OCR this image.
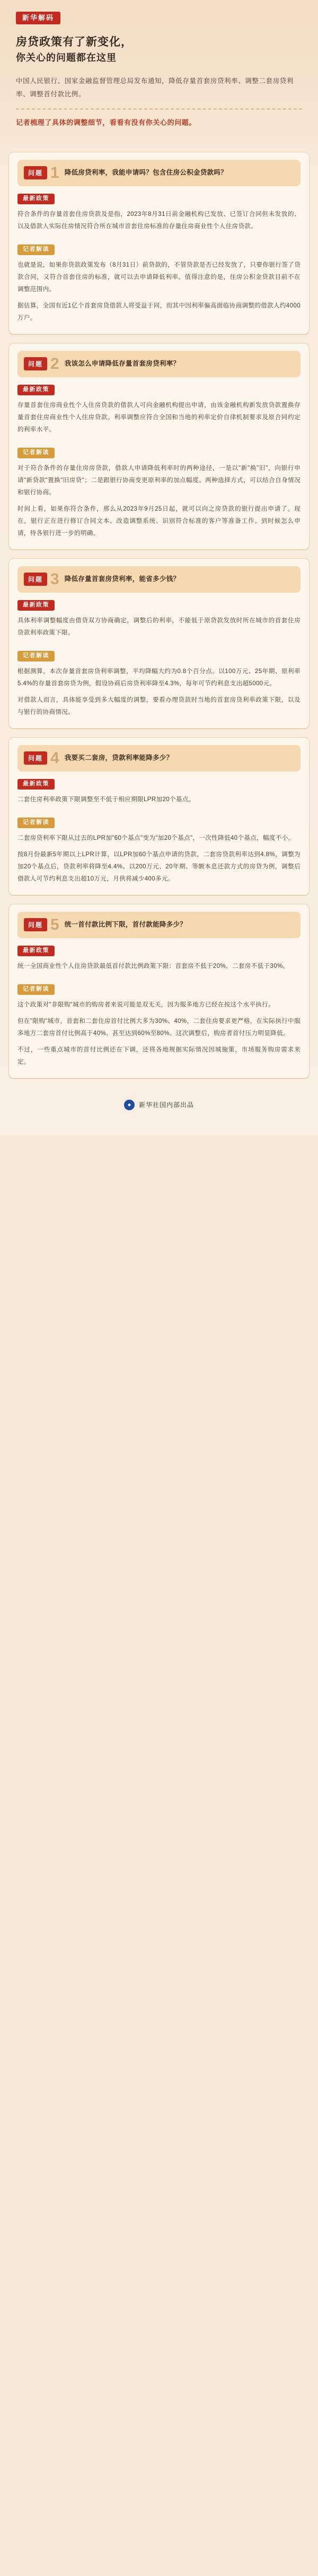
新华解码
房贷政策有了新变化，
你关心的问题都在这里
中国人民银行、国家金融监督管理总局发布通知，降低存量首套房贷利率、调整二套房贷利率、调整首付款比例。
记者梳理了具体的调整细节，看看有没有你关心的问题。
问题 1 降低房贷利率，我能申请吗？包含住房公积金贷款吗？
最新政策

符合条件的存量首套住房贷款及是指，2023年8月31日前金融机构已发放、已签订合同但未发放的、以及借款人实际住房情况符合所在城市首套住房标准的存量住房商业性个人住房贷款。

记者解读

也就是说，如果你贷款政策发布（8月31日）前贷款的，不管贷款是否已经发放了，只要你银行签了贷款合同，又符合首套住房的标准，就可以去申请降低利率。值得注意的是，住房公积金贷款目前不在调整范围内。

据估算，全国有近1亿个首套房贷借款人将受益于同，而其中因利率偏高面临协商调整的借款人约4000万户。

问题 2 我该怎么申请降低存量首套房贷利率？
最新政策

存量首套住房商业性个人住房贷款的借款人可向金融机构提出申请，由该金融机构新发放贷款置换存量首套住房商业性个人住房贷款。利率调整应符合全国和当地的利率定价自律机制要求及原合同约定的利率水平。

记者解读

对于符合条件的存量住房房贷款，借款人申请降低利率时的两种途径，一是以"新"换"旧"，向银行申请"新贷款"置换"旧房贷"；二是跟银行协商变更原利率的加点幅度。两种选择方式，可以结合自身情况和银行协商。

时间上看，如果你符合条件，那么从2023年9月25日起，就可以向之房贷款的银行提出申请了。现在，银行正在进行修订合同文本、改造调整系统、识别符合标准的客户等准备工作。到时候怎么申请，待各银行进一步的明确。

问题 3 降低存量首套房贷利率，能省多少钱？
最新政策

具体利率调整幅度由借贷双方协商确定，调整后的利率，不能低于原贷款发放时所在城市的首套住房贷款利率政策下限。

记者解读

根据测算，本次存量首套房贷利率调整，平均降幅大约为0.8个百分点。以100万元、25年期、原利率5.4%的存量首套房贷为例，假设协商后房贷利率降至4.3%，每年可节约利息支出超5000元。

对借款人而言，具体能享受到多大幅度的调整，要看办理贷款时当地的首套房贷利率政策下限，以及与银行的协商情况。

问题 4 我要买二套房，贷款利率能降多少？
最新政策

二套住房利率政策下限调整至不低于相应期限LPR加20个基点。

记者解读

二套房贷利率下限从过去的LPR加"60个基点"变为"加20个基点"，一次性降低40个基点，幅度不小。

按8月份最新5年期以上LPR计算，以LPR加60个基点申请的贷款，二套房贷款利率达到4.8%，调整为加20个基点后，贷款利率将降至4.4%。以200万元、20年期、等额本息还款方式的房贷为例，调整后借款人可节约利息支出超10万元，月供将减少400多元。

问题 5 统一首付款比例下限，首付款能降多少？
最新政策

统一全国商业性个人住房贷款最低首付款比例政策下限：首套房不低于20%，二套房不低于30%。

记者解读

这个政策对"非限购"城市的购房者来说可能是双无关，因为服多地方已经在按这个水平执行。

但在"限购"城市，首套和二套住房首付比例大多为30%、40%，二套住房要求更严格，在实际执行中服多地方二套房首付比例高于40%、甚至达到60%至80%。这次调整后，购房者首付压力明显降低。

不过，一些重点城市的首付比例还在下调，还将各地规据实际情况因城施策，市场服务购房需求来定。

新华社国内部出品
